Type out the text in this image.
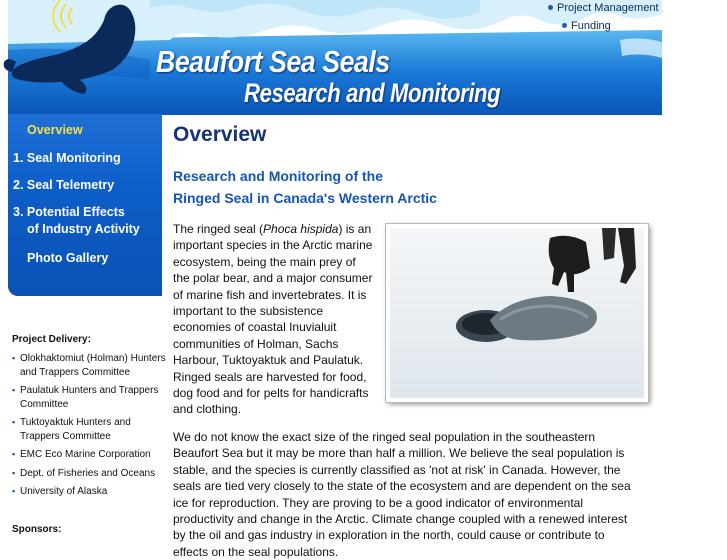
Beaufort Sea Seals
Research and Monitoring
Project Management
Funding
Overview
1. Seal Monitoring
2. Seal Telemetry
3. Potential Effects
of Industry Activity
Photo Gallery
Project Delivery:
▪ Olokhaktomiut (Holman) Hunters and Trappers Committee
▪ Paulatuk Hunters and Trappers Committee
▪ Tuktoyaktuk Hunters and Trappers Committee
▪ EMC Eco Marine Corporation
▪ Dept. of Fisheries and Oceans
▪ University of Alaska
Sponsors:
Overview
Research and Monitoring of the
Ringed Seal in Canada's Western Arctic
The ringed seal (Phoca hispida) is an important species in the Arctic marine ecosystem, being the main prey of the polar bear, and a major consumer of marine fish and invertebrates. It is important to the subsistence economies of coastal Inuvialuit communities of Holman, Sachs Harbour, Tuktoyaktuk and Paulatuk. Ringed seals are harvested for food, dog food and for pelts for handicrafts and clothing.
We do not know the exact size of the ringed seal population in the southeastern Beaufort Sea but it may be more than half a million. We believe the seal population is stable, and the species is currently classified as 'not at risk' in Canada. However, the seals are tied very closely to the state of the ecosystem and are dependent on the sea ice for reproduction. They are proving to be a good indicator of environmental productivity and change in the Arctic. Climate change coupled with a renewed interest by the oil and gas industry in exploration in the north, could cause or contribute to effects on the seal populations.
